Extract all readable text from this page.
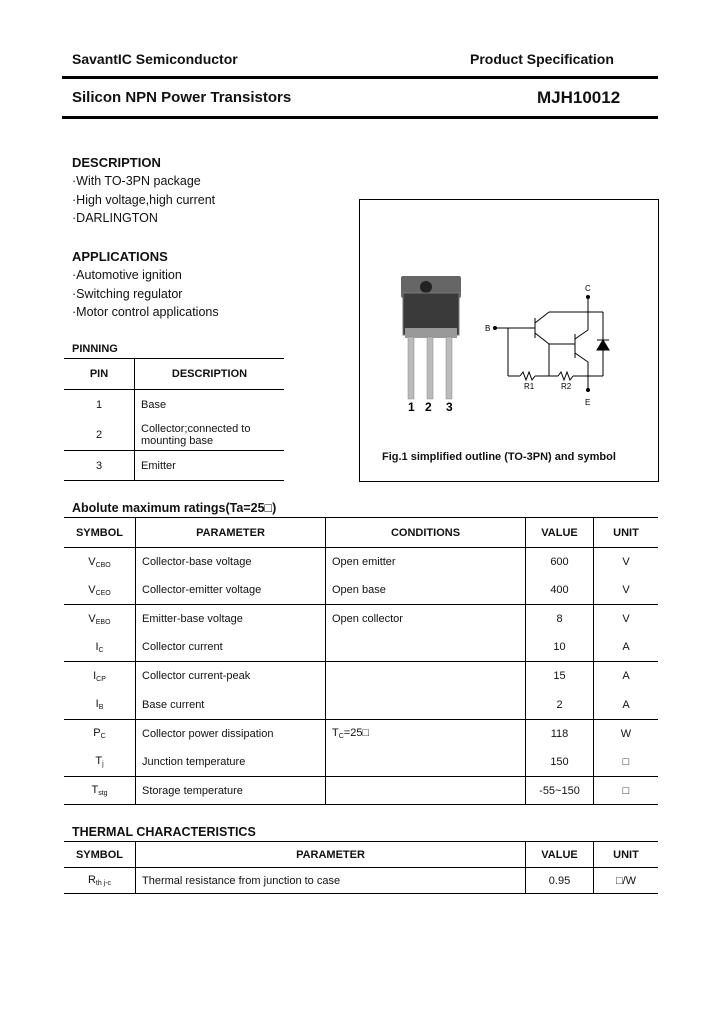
SavantIC Semiconductor	Product Specification
Silicon NPN Power Transistors	MJH10012
DESCRIPTION
·With TO-3PN package
·High voltage,high current
·DARLINGTON
APPLICATIONS
·Automotive ignition
·Switching regulator
·Motor control applications
PINNING
PIN	DESCRIPTION
1	Base
2	Collector;connected to mounting base
3	Emitter
1 2 3
B
C
E
R1	R2
Fig.1 simplified outline (TO-3PN) and symbol
Abolute maximum ratings(Ta=25□)
SYMBOL	PARAMETER	CONDITIONS	VALUE	UNIT
$V_{CBO}$	Collector-base voltage	Open emitter	600	V
$V_{CEO}$	Collector-emitter voltage	Open base	400	V
$V_{EBO}$	Emitter-base voltage	Open collector	8	V
$I_C$	Collector current		10	A
$I_{CP}$	Collector current-peak		15	A
$I_B$	Base current		2	A
$P_C$	Collector power dissipation	$T_C=25□$	118	W
$T_j$	Junction temperature		150	□
$T_{stg}$	Storage temperature		-55~150	□
THERMAL CHARACTERISTICS
SYMBOL	PARAMETER	VALUE	UNIT
$R_{th j-c}$	Thermal resistance from junction to case	0.95	□/W
